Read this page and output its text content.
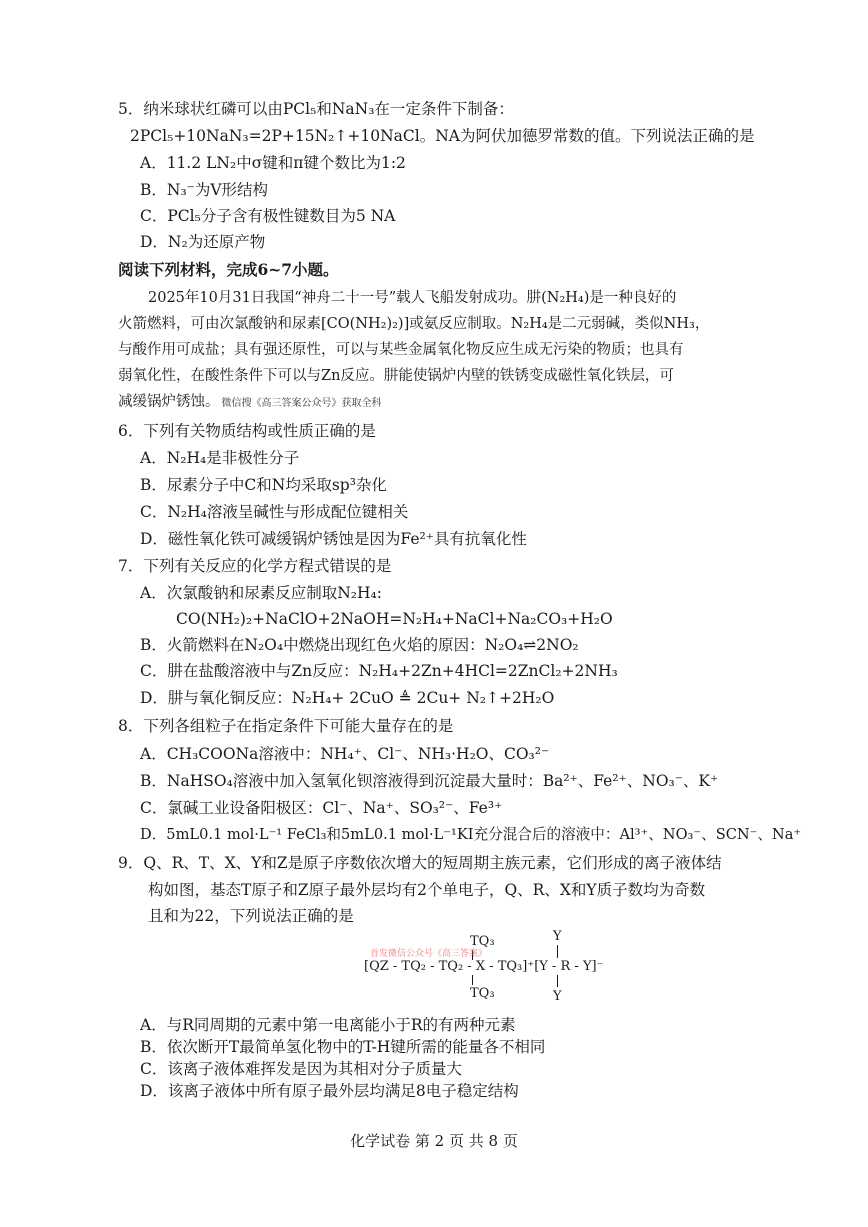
5．纳米球状红磷可以由PCl₅和NaN₃在一定条件下制备：
2PCl₅+10NaN₃=2P+15N₂↑+10NaCl。NA为阿伏加德罗常数的值。下列说法正确的是
A．11.2 LN₂中σ键和π键个数比为1:2
B．N₃⁻为V形结构
C．PCl₅分子含有极性键数目为5 NA
D．N₂为还原产物
阅读下列材料，完成6~7小题。
2025年10月31日我国“神舟二十一号”载人飞船发射成功。肼(N₂H₄)是一种良好的
火箭燃料，可由次氯酸钠和尿素[CO(NH₂)₂)]或氨反应制取。N₂H₄是二元弱碱，类似NH₃，
与酸作用可成盐；具有强还原性，可以与某些金属氧化物反应生成无污染的物质；也具有
弱氧化性，在酸性条件下可以与Zn反应。肼能使锅炉内壁的铁锈变成磁性氧化铁层，可
减缓锅炉锈蚀。 微信搜《高三答案公众号》获取全科
6．下列有关物质结构或性质正确的是
A．N₂H₄是非极性分子
B．尿素分子中C和N均采取sp³杂化
C．N₂H₄溶液呈碱性与形成配位键相关
D．磁性氧化铁可减缓锅炉锈蚀是因为Fe²⁺具有抗氧化性
7．下列有关反应的化学方程式错误的是
A．次氯酸钠和尿素反应制取N₂H₄:
CO(NH₂)₂+NaClO+2NaOH=N₂H₄+NaCl+Na₂CO₃+H₂O
B．火箭燃料在N₂O₄中燃烧出现红色火焰的原因：N₂O₄⇌2NO₂
C．肼在盐酸溶液中与Zn反应：N₂H₄+2Zn+4HCl=2ZnCl₂+2NH₃
D．肼与氧化铜反应：N₂H₄+ 2CuO ≜ 2Cu+ N₂↑+2H₂O
8．下列各组粒子在指定条件下可能大量存在的是
A．CH₃COONa溶液中：NH₄⁺、Cl⁻、NH₃·H₂O、CO₃²⁻
B．NaHSO₄溶液中加入氢氧化钡溶液得到沉淀最大量时：Ba²⁺、Fe²⁺、NO₃⁻、K⁺
C．氯碱工业设备阳极区：Cl⁻、Na⁺、SO₃²⁻、Fe³⁺
D．5mL0.1 mol·L⁻¹ FeCl₃和5mL0.1 mol·L⁻¹KI充分混合后的溶液中：Al³⁺、NO₃⁻、SCN⁻、Na⁺
9．Q、R、T、X、Y和Z是原子序数依次增大的短周期主族元素，它们形成的离子液体结
构如图，基态T原子和Z原子最外层均有2个单电子，Q、R、X和Y质子数均为奇数
且和为22，下列说法正确的是
TQ₃
首发微信公众号《高三答案》
Y
[QZ - TQ₂ - TQ₂ - X - TQ₃]⁺[Y - R - Y]⁻
TQ₃	Y
A．与R同周期的元素中第一电离能小于R的有两种元素
B．依次断开T最简单氢化物中的T-H键所需的能量各不相同
C．该离子液体难挥发是因为其相对分子质量大
D．该离子液体中所有原子最外层均满足8电子稳定结构
化学试卷 第 2 页 共 8 页
